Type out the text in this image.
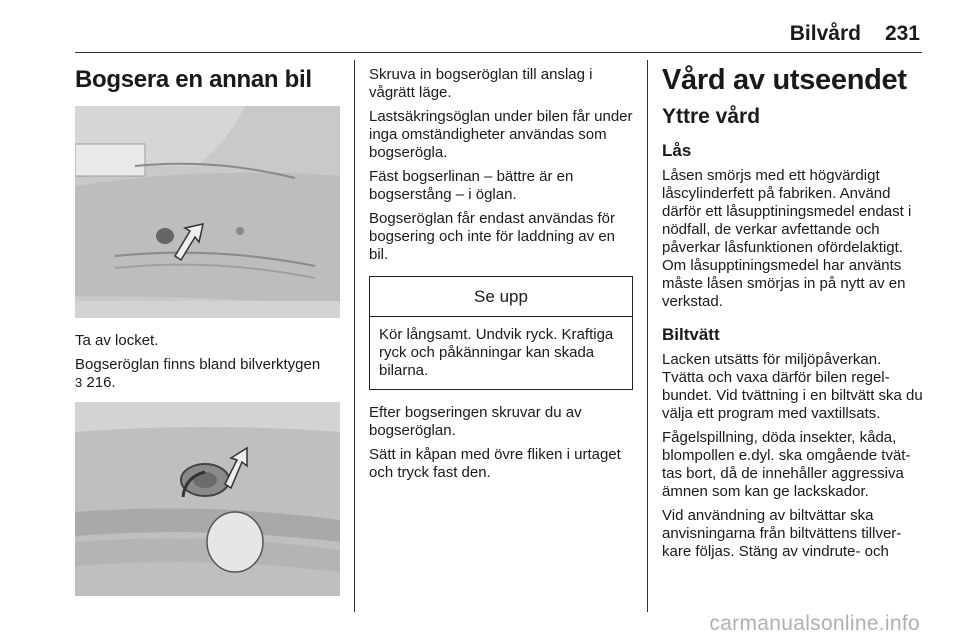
Bilvård 231
Bogsera en annan bil

Ta av locket.

Bogseröglan finns bland bilverktygen
3 216.

Skruva in bogseröglan till anslag i vågrätt läge.

Lastsäkringsöglan under bilen får under inga omständigheter användas som bogserögla.

Fäst bogserlinan – bättre är en bogserstång – i öglan.

Bogseröglan får endast användas för bogsering och inte för laddning av en bil.

Se upp
Kör långsamt. Undvik ryck. Kraftiga ryck och påkänningar kan skada bilarna.

Efter bogseringen skruvar du av bogseröglan.

Sätt in kåpan med övre fliken i urtaget och tryck fast den.

Vård av utseendet
Yttre vård
Lås

Låsen smörjs med ett högvärdigt låscylinderfett på fabriken. Använd därför ett låsupptiningsmedel endast i nödfall, de verkar avfettande och påverkar låsfunktionen ofördelaktigt. Om låsupptiningsmedel har använts måste låsen smörjas in på nytt av en verkstad.

Biltvätt

Lacken utsätts för miljöpåverkan. Tvätta och vaxa därför bilen regelbundet. Vid tvättning i en biltvätt ska du välja ett program med vaxtillsats.

Fågelspillning, döda insekter, kåda, blompollen e.dyl. ska omgående tvättas bort, då de innehåller aggressiva ämnen som kan ge lackskador.

Vid användning av biltvättar ska anvisningarna från biltvättens tillverkare följas. Stäng av vindrute- och

carmanualsonline.info
